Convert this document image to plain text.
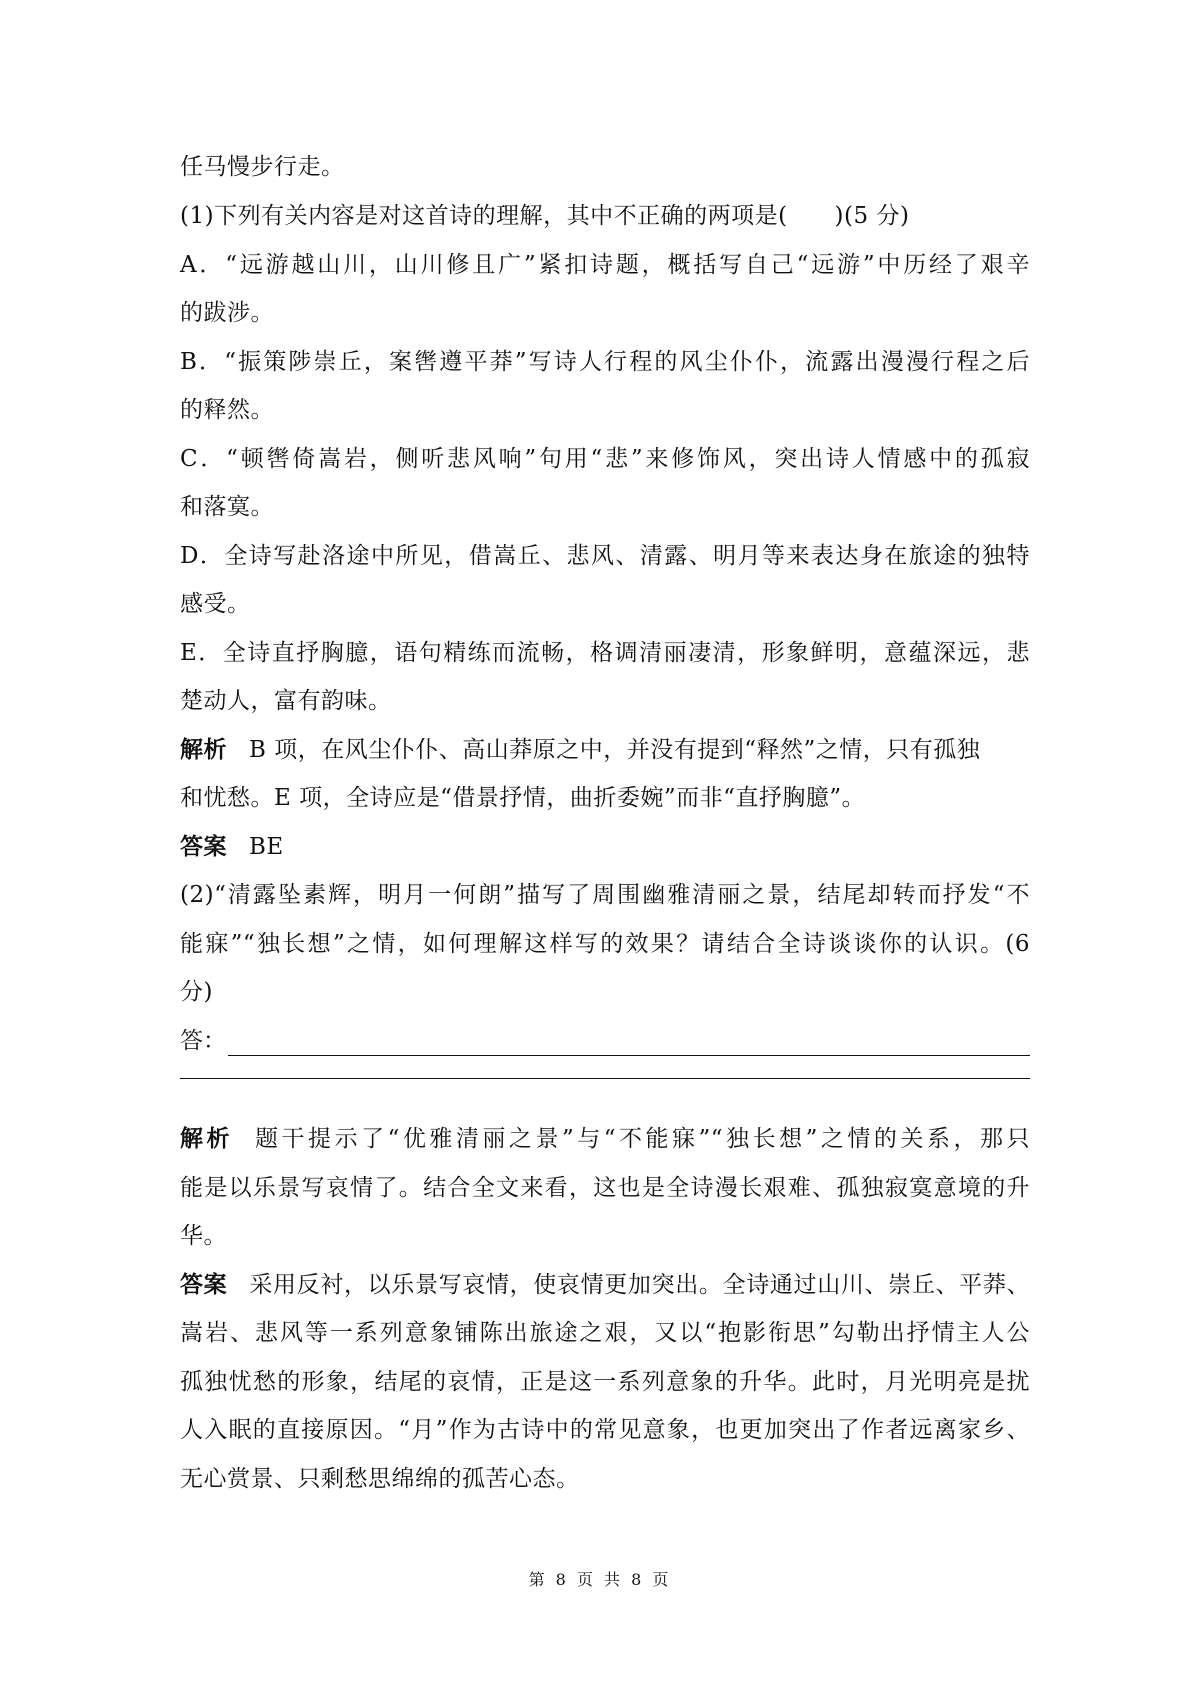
任马慢步行走。
(1)下列有关内容是对这首诗的理解，其中不正确的两项是(　　)(5 分)
A．“远游越山川，山川修且广”紧扣诗题，概括写自己“远游”中历经了艰辛
的跋涉。
B．“振策陟崇丘，案辔遵平莽”写诗人行程的风尘仆仆，流露出漫漫行程之后
的释然。
C．“顿辔倚嵩岩，侧听悲风响”句用“悲”来修饰风，突出诗人情感中的孤寂
和落寞。
D．全诗写赴洛途中所见，借嵩丘、悲风、清露、明月等来表达身在旅途的独特
感受。
E．全诗直抒胸臆，语句精练而流畅，格调清丽凄清，形象鲜明，意蕴深远，悲
楚动人，富有韵味。
解析 B 项，在风尘仆仆、高山莽原之中，并没有提到“释然”之情，只有孤独
和忧愁。E 项，全诗应是“借景抒情，曲折委婉”而非“直抒胸臆”。
答案 BE
(2)“清露坠素辉，明月一何朗”描写了周围幽雅清丽之景，结尾却转而抒发“不
能寐”“独长想”之情，如何理解这样写的效果？请结合全诗谈谈你的认识。(6
分)
答：
解析 题干提示了“优雅清丽之景”与“不能寐”“独长想”之情的关系，那只
能是以乐景写哀情了。结合全文来看，这也是全诗漫长艰难、孤独寂寞意境的升
华。
答案 采用反衬，以乐景写哀情，使哀情更加突出。全诗通过山川、崇丘、平莽、
嵩岩、悲风等一系列意象铺陈出旅途之艰，又以“抱影衔思”勾勒出抒情主人公
孤独忧愁的形象，结尾的哀情，正是这一系列意象的升华。此时，月光明亮是扰
人入眠的直接原因。“月”作为古诗中的常见意象，也更加突出了作者远离家乡、
无心赏景、只剩愁思绵绵的孤苦心态。
第 8 页 共 8 页
